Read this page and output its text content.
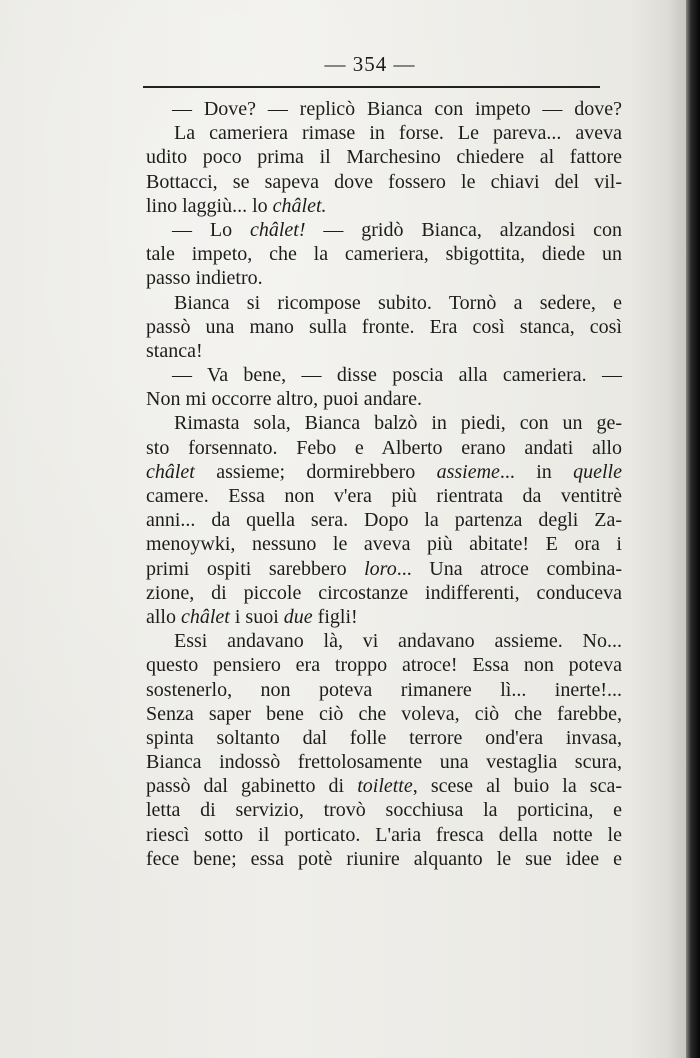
— 354 —
— Dove? — replicò Bianca con impeto — dove?
La cameriera rimase in forse. Le pareva... aveva
udito poco prima il Marchesino chiedere al fattore
Bottacci, se sapeva dove fossero le chiavi del vil-
lino laggiù... lo châlet.
— Lo châlet! — gridò Bianca, alzandosi con
tale impeto, che la cameriera, sbigottita, diede un
passo indietro.
Bianca si ricompose subito. Tornò a sedere, e
passò una mano sulla fronte. Era così stanca, così
stanca!
— Va bene, — disse poscia alla cameriera. —
Non mi occorre altro, puoi andare.
Rimasta sola, Bianca balzò in piedi, con un ge-
sto forsennato. Febo e Alberto erano andati allo
châlet assieme; dormirebbero assieme... in quelle
camere. Essa non v'era più rientrata da ventitrè
anni... da quella sera. Dopo la partenza degli Za-
menoywki, nessuno le aveva più abitate! E ora i
primi ospiti sarebbero loro... Una atroce combina-
zione, di piccole circostanze indifferenti, conduceva
allo châlet i suoi due figli!
Essi andavano là, vi andavano assieme. No...
questo pensiero era troppo atroce! Essa non poteva
sostenerlo, non poteva rimanere lì... inerte!...
Senza saper bene ciò che voleva, ciò che farebbe,
spinta soltanto dal folle terrore ond'era invasa,
Bianca indossò frettolosamente una vestaglia scura,
passò dal gabinetto di toilette, scese al buio la sca-
letta di servizio, trovò socchiusa la porticina, e
riescì sotto il porticato. L'aria fresca della notte le
fece bene; essa potè riunire alquanto le sue idee e
